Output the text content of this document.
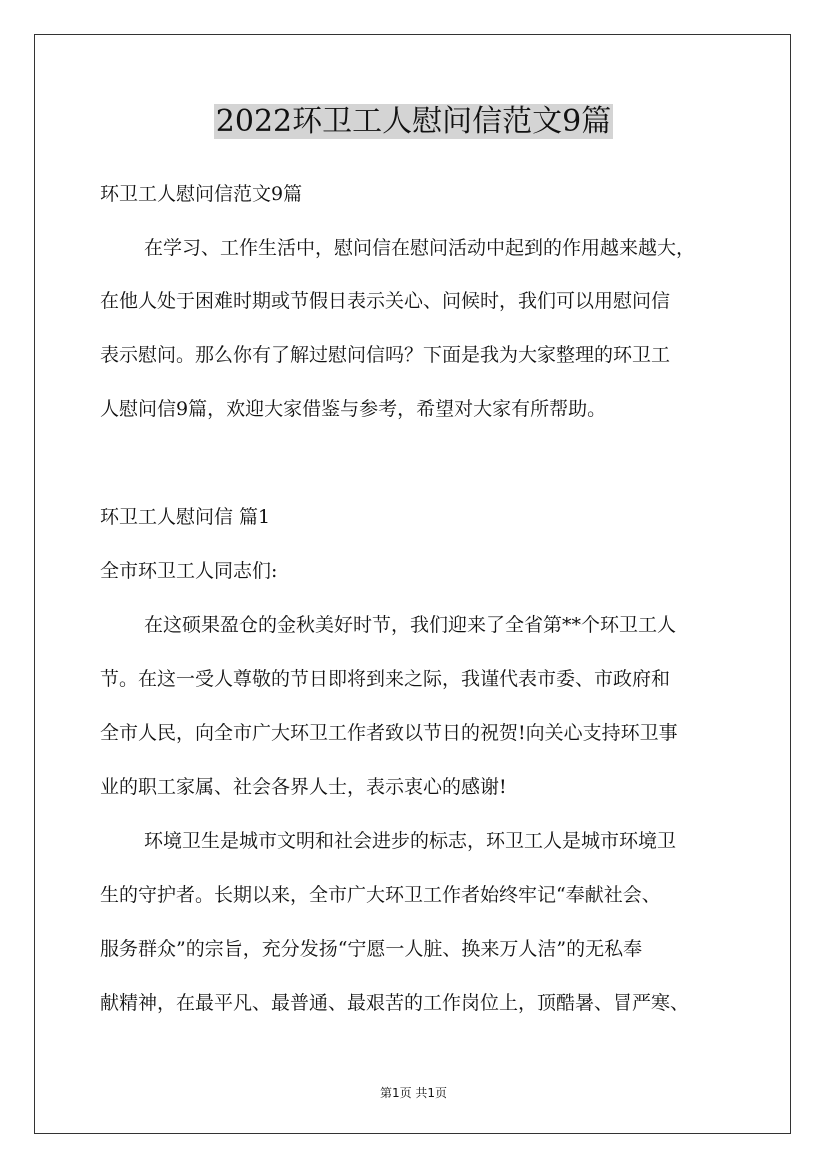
2022环卫工人慰问信范文9篇
环卫工人慰问信范文9篇
在学习、工作生活中，慰问信在慰问活动中起到的作用越来越大，
在他人处于困难时期或节假日表示关心、问候时，我们可以用慰问信
表示慰问。那么你有了解过慰问信吗？下面是我为大家整理的环卫工
人慰问信9篇，欢迎大家借鉴与参考，希望对大家有所帮助。
环卫工人慰问信 篇1
全市环卫工人同志们:
在这硕果盈仓的金秋美好时节，我们迎来了全省第**个环卫工人
节。在这一受人尊敬的节日即将到来之际，我谨代表市委、市政府和
全市人民，向全市广大环卫工作者致以节日的祝贺!向关心支持环卫事
业的职工家属、社会各界人士，表示衷心的感谢!
环境卫生是城市文明和社会进步的标志，环卫工人是城市环境卫
生的守护者。长期以来，全市广大环卫工作者始终牢记“奉献社会、
服务群众”的宗旨，充分发扬“宁愿一人脏、换来万人洁”的无私奉
献精神，在最平凡、最普通、最艰苦的工作岗位上，顶酷暑、冒严寒、
第1页 共1页
